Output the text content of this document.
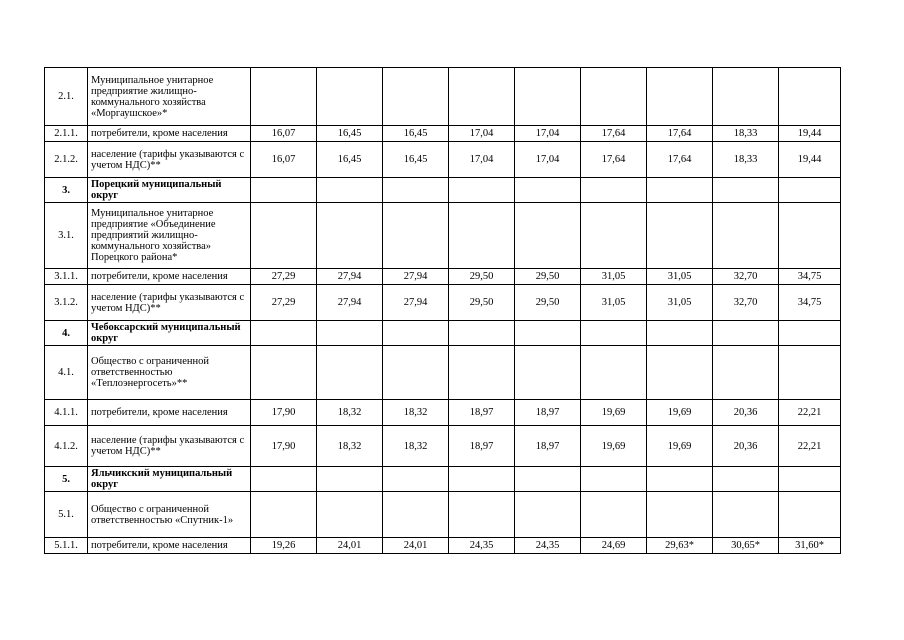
2.1.	Муниципальное унитарное предприятие жилищно-коммунального хозяйства «Моргаушское»*									
2.1.1.	потребители, кроме населения	16,07	16,45	16,45	17,04	17,04	17,64	17,64	18,33	19,44
2.1.2.	население (тарифы указываются с учетом НДС)**	16,07	16,45	16,45	17,04	17,04	17,64	17,64	18,33	19,44
3.	Порецкий муниципальный округ									
3.1.	Муниципальное унитарное предприятие «Объединение предприятий жилищно-коммунального хозяйства» Порецкого района*									
3.1.1.	потребители, кроме населения	27,29	27,94	27,94	29,50	29,50	31,05	31,05	32,70	34,75
3.1.2.	население (тарифы указываются с учетом НДС)**	27,29	27,94	27,94	29,50	29,50	31,05	31,05	32,70	34,75
4.	Чебоксарский муниципальный округ									
4.1.	Общество с ограниченной ответственностью «Теплоэнергосеть»**									
4.1.1.	потребители, кроме населения	17,90	18,32	18,32	18,97	18,97	19,69	19,69	20,36	22,21
4.1.2.	население (тарифы указываются с учетом НДС)**	17,90	18,32	18,32	18,97	18,97	19,69	19,69	20,36	22,21
5.	Яльчикский муниципальный округ									
5.1.	Общество с ограниченной ответственностью «Спутник-1»									
5.1.1.	потребители, кроме населения	19,26	24,01	24,01	24,35	24,35	24,69	29,63*	30,65*	31,60*
